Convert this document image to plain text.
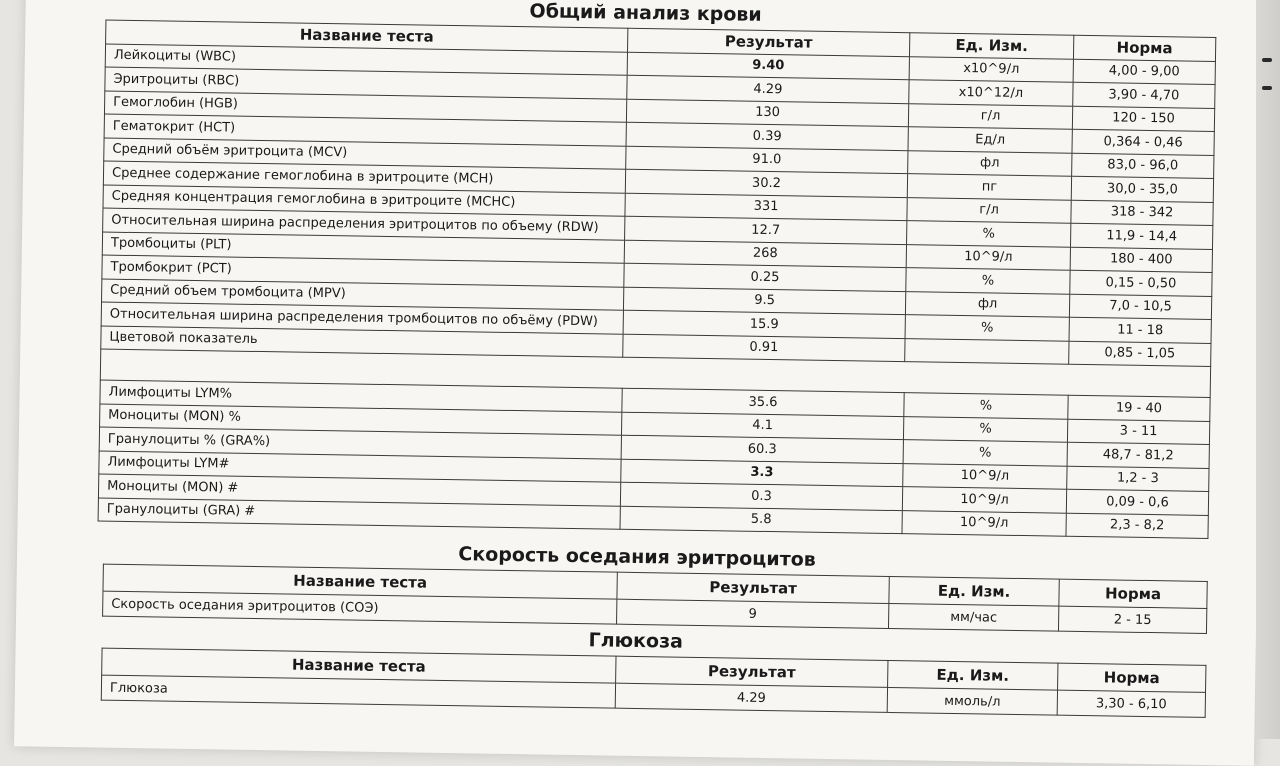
Общий анализ крови
Название теста	Результат	Ед. Изм.	Норма
Лейкоциты (WBC)	9.40	х10^9/л	4,00 - 9,00
Эритроциты (RBC)	4.29	х10^12/л	3,90 - 4,70
Гемоглобин (HGB)	130	г/л	120 - 150
Гематокрит (HCT)	0.39	Ед/л	0,364 - 0,46
Средний объём эритроцита (MCV)	91.0	фл	83,0 - 96,0
Среднее содержание гемоглобина в эритроците (MCH)	30.2	пг	30,0 - 35,0
Средняя концентрация гемоглобина в эритроците (MCHC)	331	г/л	318 - 342
Относительная ширина распределения эритроцитов по объему (RDW)	12.7	%	11,9 - 14,4
Тромбоциты (PLT)	268	10^9/л	180 - 400
Тромбокрит (PCT)	0.25	%	0,15 - 0,50
Средний объем тромбоцита (MPV)	9.5	фл	7,0 - 10,5
Относительная ширина распределения тромбоцитов по объёму (PDW)	15.9	%	11 - 18
Цветовой показатель	0.91		0,85 - 1,05

Лимфоциты LYM%	35.6	%	19 - 40
Моноциты (MON) %	4.1	%	3 - 11
Гранулоциты % (GRA%)	60.3	%	48,7 - 81,2
Лимфоциты LYM#	3.3	10^9/л	1,2 - 3
Моноциты (MON) #	0.3	10^9/л	0,09 - 0,6
Гранулоциты (GRA) #	5.8	10^9/л	2,3 - 8,2
Скорость оседания эритроцитов
Название теста	Результат	Ед. Изм.	Норма
Скорость оседания эритроцитов (СОЭ)	9	мм/час	2 - 15
Глюкоза
Название теста	Результат	Ед. Изм.	Норма
Глюкоза	4.29	ммоль/л	3,30 - 6,10
